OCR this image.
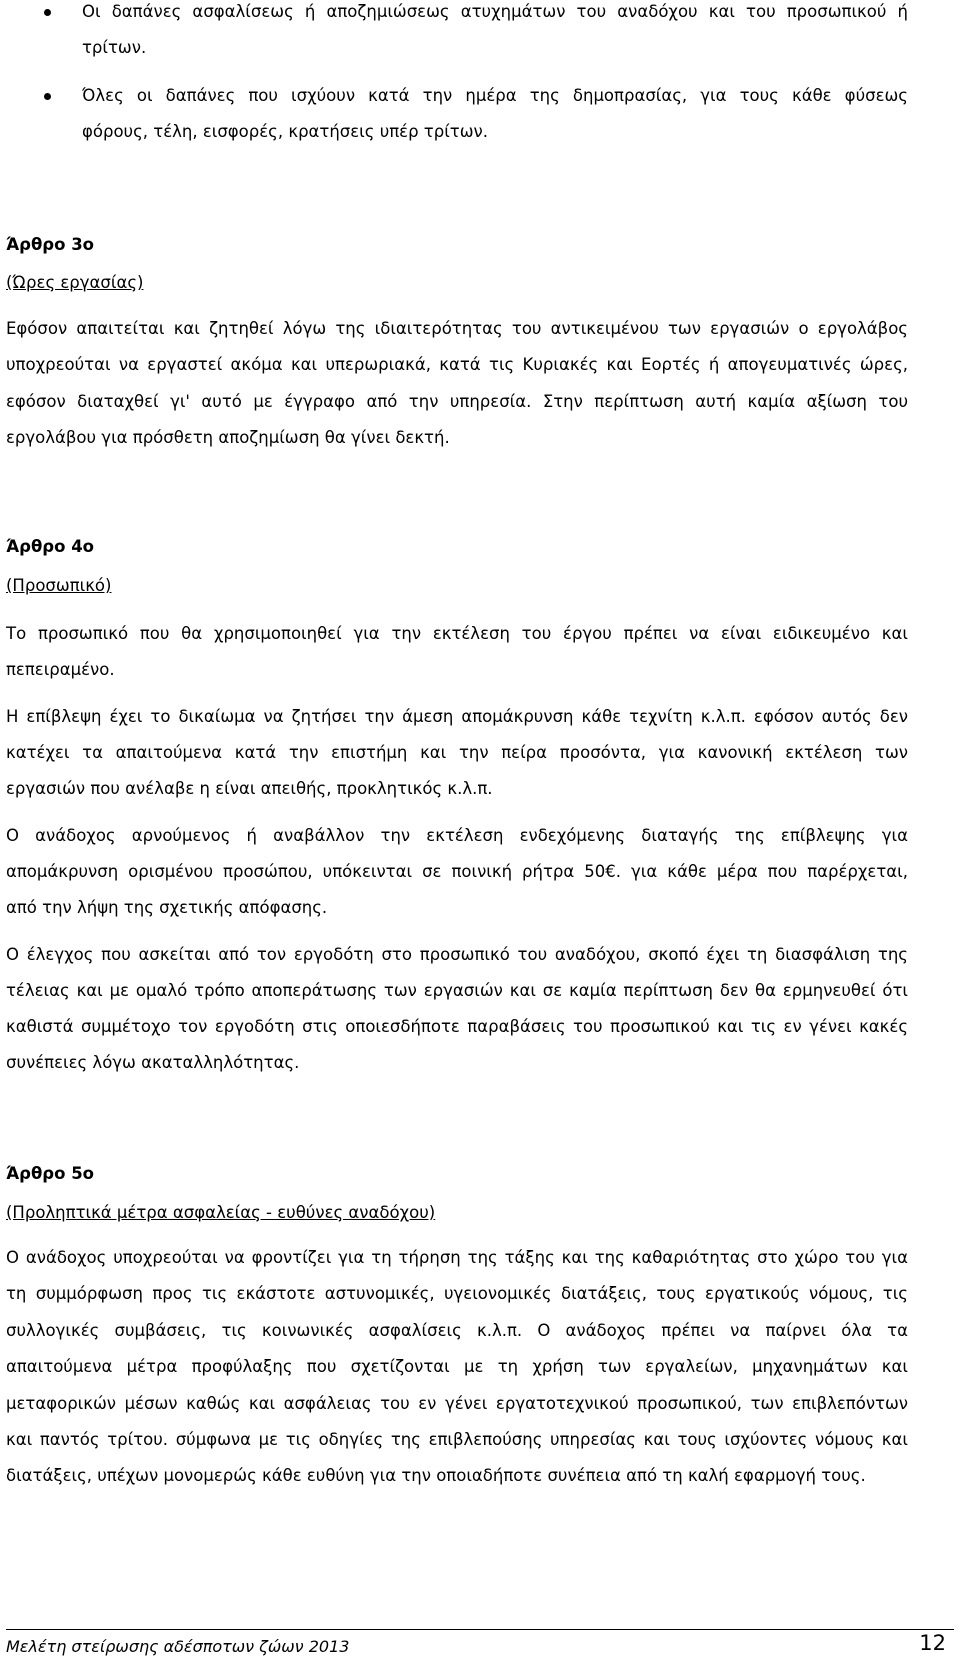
Οι δαπάνες ασφαλίσεως ή αποζημιώσεως ατυχημάτων του αναδόχου και του προσωπικού ή
τρίτων.
Όλες οι δαπάνες που ισχύουν κατά την ημέρα της δημοπρασίας, για τους κάθε φύσεως
φόρους, τέλη, εισφορές, κρατήσεις υπέρ τρίτων.
Άρθρο 3ο
(Ώρες εργασίας)
Εφόσον απαιτείται και ζητηθεί λόγω της ιδιαιτερότητας του αντικειμένου των εργασιών ο εργολάβος
υποχρεούται να εργαστεί ακόμα και υπερωριακά, κατά τις Κυριακές και Εορτές ή απογευματινές ώρες,
εφόσον διαταχθεί γι' αυτό με έγγραφο από την υπηρεσία. Στην περίπτωση αυτή καμία αξίωση του
εργολάβου για πρόσθετη αποζημίωση θα γίνει δεκτή.
Άρθρο 4ο
(Προσωπικό)
Το προσωπικό που θα χρησιμοποιηθεί για την εκτέλεση του έργου πρέπει να είναι ειδικευμένο και
πεπειραμένο.
Η επίβλεψη έχει το δικαίωμα να ζητήσει την άμεση απομάκρυνση κάθε τεχνίτη κ.λ.π. εφόσον αυτός δεν
κατέχει τα απαιτούμενα κατά την επιστήμη και την πείρα προσόντα, για κανονική εκτέλεση των
εργασιών που ανέλαβε η είναι απειθής, προκλητικός κ.λ.π.
Ο ανάδοχος αρνούμενος ή αναβάλλον την εκτέλεση ενδεχόμενης διαταγής της επίβλεψης για
απομάκρυνση ορισμένου προσώπου, υπόκεινται σε ποινική ρήτρα 50€. για κάθε μέρα που παρέρχεται,
από την λήψη της σχετικής απόφασης.
Ο έλεγχος που ασκείται από τον εργοδότη στο προσωπικό του αναδόχου, σκοπό έχει τη διασφάλιση της
τέλειας και με ομαλό τρόπο αποπεράτωσης των εργασιών και σε καμία περίπτωση δεν θα ερμηνευθεί ότι
καθιστά συμμέτοχο τον εργοδότη στις οποιεσδήποτε παραβάσεις του προσωπικού και τις εν γένει κακές
συνέπειες λόγω ακαταλληλότητας.
Άρθρο 5ο
(Προληπτικά μέτρα ασφαλείας - ευθύνες αναδόχου)
Ο ανάδοχος υποχρεούται να φροντίζει για τη τήρηση της τάξης και της καθαριότητας στο χώρο του για
τη συμμόρφωση προς τις εκάστοτε αστυνομικές, υγειονομικές διατάξεις, τους εργατικούς νόμους, τις
συλλογικές συμβάσεις, τις κοινωνικές ασφαλίσεις κ.λ.π. Ο ανάδοχος πρέπει να παίρνει όλα τα
απαιτούμενα μέτρα προφύλαξης που σχετίζονται με τη χρήση των εργαλείων, μηχανημάτων και
μεταφορικών μέσων καθώς και ασφάλειας του εν γένει εργατοτεχνικού προσωπικού, των επιβλεπόντων
και παντός τρίτου. σύμφωνα με τις οδηγίες της επιβλεπούσης υπηρεσίας και τους ισχύοντες νόμους και
διατάξεις, υπέχων μονομερώς κάθε ευθύνη για την οποιαδήποτε συνέπεια από τη καλή εφαρμογή τους.
Μελέτη στείρωσης αδέσποτων ζώων 2013	12
